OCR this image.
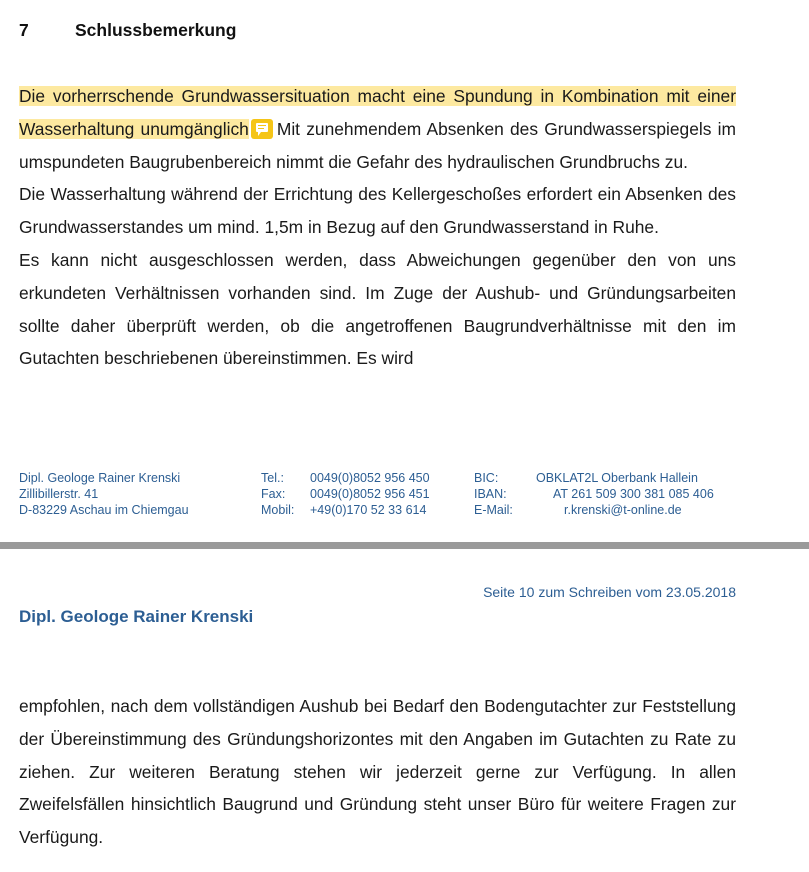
7	Schlussbemerkung

Die vorherrschende Grundwassersituation macht eine Spundung in Kombination mit einer Wasserhaltung unumgänglich Mit zunehmendem Absenken des Grundwasserspiegels im umspundeten Baugrubenbereich nimmt die Gefahr des hydraulischen Grundbruchs zu.

Die Wasserhaltung während der Errichtung des Kellergeschoßes erfordert ein Absenken des Grundwasserstandes um mind. 1,5m in Bezug auf den Grundwasserstand in Ruhe.

Es kann nicht ausgeschlossen werden, dass Abweichungen gegenüber den von uns erkundeten Verhältnissen vorhanden sind. Im Zuge der Aushub- und Gründungsarbeiten sollte daher überprüft werden, ob die angetroffenen Baugrundverhältnisse mit den im Gutachten beschriebenen übereinstimmen. Es wird

Dipl. Geologe Rainer Krenski
Zillibillerstr. 41
D-83229 Aschau im Chiemgau
Tel.:
Fax:
Mobil:
0049(0)8052 956 450
0049(0)8052 956 451
+49(0)170 52 33 614
BIC:
IBAN:
E-Mail:
OBKLAT2L Oberbank Hallein
AT 261 509 300 381 085 406
r.krenski@t-online.de
Seite 10 zum Schreiben vom 23.05.2018
Dipl. Geologe Rainer Krenski

empfohlen, nach dem vollständigen Aushub bei Bedarf den Bodengutachter zur Feststellung der Übereinstimmung des Gründungshorizontes mit den Angaben im Gutachten zu Rate zu ziehen. Zur weiteren Beratung stehen wir jederzeit gerne zur Verfügung. In allen Zweifelsfällen hinsichtlich Baugrund und Gründung steht unser Büro für weitere Fragen zur Verfügung.
